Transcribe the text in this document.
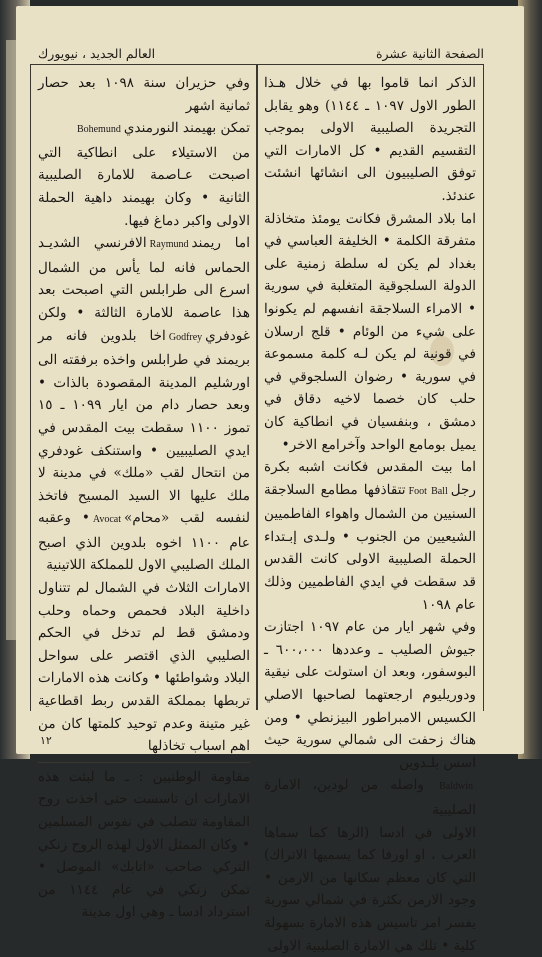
الصفحة الثانية عشرة
العالم الجديد ، نيويورك

الذكر انما قاموا بها في خلال هـذا الطور الاول ١٠٩٧ ـ ١١٤٤) وهو يقابل التجريدة الصليبية الاولى بموجب التقسيم القديم • كل الامارات التي توفق الصليبيون الى انشائها انشئت عندئذ.

اما بلاد المشرق فكانت يومئذ متخاذلة متفرقة الكلمة • الخليفة العباسي في بغداد لم يكن له سلطة زمنية على الدولة السلجوقية المتغلبة في سورية • الامراء السلاجقة انفسهم لم يكونوا على شيء من الوئام • قلج ارسلان في قونية لم يكن لـه كلمة مسموعة في سورية • رضوان السلجوقي في حلب كان خصما لاخيه دقاق في دمشق ، وبنفسيان في انطاكية كان يميل بومامع الواحد وآخرامع الاخر•

اما بيت المقدس فكانت اشبه بكرة رجلFoot Ballتتقاذفها مطامع السلاجقة السنيين من الشمال واهواء الفاطميين الشيعيين من الجنوب • ولـدى إبـتداء الحملة الصليبية الاولى كانت القدس قد سقطت في ايدي الفاطميين وذلك عام ١٠٩٨

وفي شهر ايار من عام ١٠٩٧ اجتازت جيوش الصليب ـ وعددها ٦٠٠،٠٠٠ ـ البوسفور، وبعد ان استولت على نيقية ودوريليوم ارجعتهما لصاحبها الاصلي الكسيس الامبراطور البيزنطي • ومن هناك زحفت الى شمالي سورية حيث اسس بلـدوين

Baldwin واصله من لودين، الامارة الصليبية

الاولى في ادسا (الرها كما سماها العرب ، او اورفا كما يسميها الاتراك) التي كان معظم سكانها من الارمن • وجود الارمن بكثرة في شمالي سورية يفسر امر تاسيس هذه الامارة بسهولة كلية • تلك هي الامارة الصليبية الاولى

وفي حزيران سنة ١٠٩٨ بعد حصار ثمانية اشهر

تمكن بهيمند النورمنديBohemund

من الاستيلاء على انطاكية التي اصبحت عـاصمة للامارة الصليبية الثانية • وكان بهيمند داهية الحملة الاولى واكبر دماغ فيها.

اما ريمندRaymundالافرنسي الشديـد الحماس فانه لما يأس من الشمال اسرع الى طرابلس التي اصبحت بعد هذا عاصمة للامارة الثالثة • ولكن غودفريGodfreyاخا بلدوين فانه مر بريمند في طرابلس واخذه برفقته الى اورشليم المدينة المقصودة بالذات • وبعد حصار دام من ايار ١٠٩٩ ـ ١٥ تموز ١١٠٠ سقطت بيت المقدس في ايدي الصليبيين • واستنكف غودفري من انتحال لقب «ملك» في مدينة لا ملك عليها الا السيد المسيح فاتخذ لنفسه لقب «محام»Avocat• وعقبه عام ١١٠٠ اخوه بلدوين الذي اصبح الملك الصليبي الاول للمملكة اللاتينية

الامارات الثلاث في الشمال لم تتناول داخلية البلاد فحمص وحماه وحلب ودمشق قط لم تدخل في الحكم الصليبي الذي اقتصر على سواحل البلاد وشواطئها • وكانت هذه الامارات تربطها بمملكة القدس ربط اقطاعية غير متينة وعدم توحيد كلمتها كان من اهم اسباب تخاذلها

مقاومة الوطنيين : ـ ما لبثت هذه الامارات ان تاسست حتى اخذت روح المقاومة تتصلب في نفوس المسلمين • وكان الممثل الاول لهذه الروح زنكي التركي صاحب «اتابك» الموصل • تمكن زنكي في عام ١١٤٤ من استرداد ادسا ـ وهي اول مدينة

١٢
